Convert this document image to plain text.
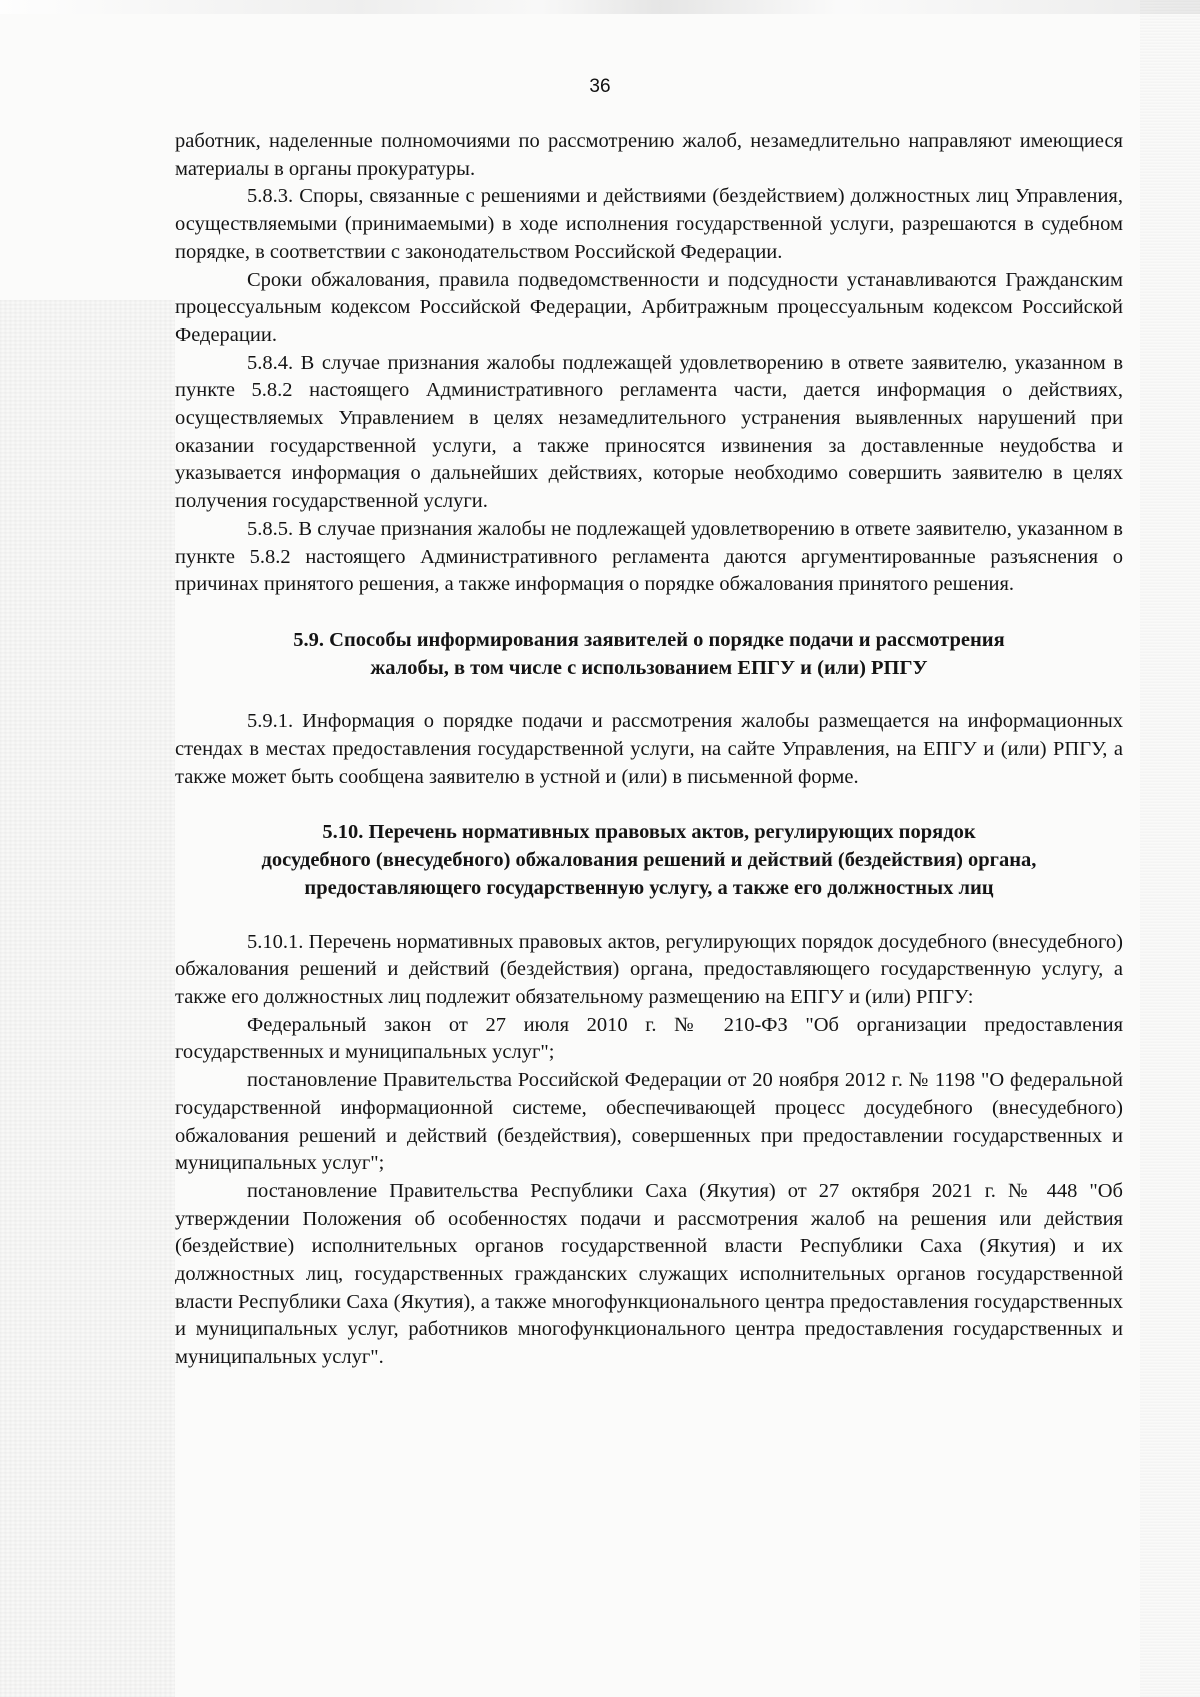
36

работник, наделенные полномочиями по рассмотрению жалоб, незамедлительно направляют имеющиеся материалы в органы прокуратуры.

5.8.3. Споры, связанные с решениями и действиями (бездействием) должностных лиц Управления, осуществляемыми (принимаемыми) в ходе исполнения государственной услуги, разрешаются в судебном порядке, в соответствии с законодательством Российской Федерации.

Сроки обжалования, правила подведомственности и подсудности устанавливаются Гражданским процессуальным кодексом Российской Федерации, Арбитражным процессуальным кодексом Российской Федерации.

5.8.4. В случае признания жалобы подлежащей удовлетворению в ответе заявителю, указанном в пункте 5.8.2 настоящего Административного регламента части, дается информация о действиях, осуществляемых Управлением в целях незамедлительного устранения выявленных нарушений при оказании государственной услуги, а также приносятся извинения за доставленные неудобства и указывается информация о дальнейших действиях, которые необходимо совершить заявителю в целях получения государственной услуги.

5.8.5. В случае признания жалобы не подлежащей удовлетворению в ответе заявителю, указанном в пункте 5.8.2 настоящего Административного регламента даются аргументированные разъяснения о причинах принятого решения, а также информация о порядке обжалования принятого решения.

5.9. Способы информирования заявителей о порядке подачи и рассмотрения
жалобы, в том числе с использованием ЕПГУ и (или) РПГУ

5.9.1. Информация о порядке подачи и рассмотрения жалобы размещается на информационных стендах в местах предоставления государственной услуги, на сайте Управления, на ЕПГУ и (или) РПГУ, а также может быть сообщена заявителю в устной и (или) в письменной форме.

5.10. Перечень нормативных правовых актов, регулирующих порядок
досудебного (внесудебного) обжалования решений и действий (бездействия) органа,
предоставляющего государственную услугу, а также его должностных лиц

5.10.1. Перечень нормативных правовых актов, регулирующих порядок досудебного (внесудебного) обжалования решений и действий (бездействия) органа, предоставляющего государственную услугу, а также его должностных лиц подлежит обязательному размещению на ЕПГУ и (или) РПГУ:

Федеральный закон от 27 июля 2010 г. № 210-ФЗ "Об организации предоставления государственных и муниципальных услуг";

постановление Правительства Российской Федерации от 20 ноября 2012 г. № 1198 "О федеральной государственной информационной системе, обеспечивающей процесс досудебного (внесудебного) обжалования решений и действий (бездействия), совершенных при предоставлении государственных и муниципальных услуг";

постановление Правительства Республики Саха (Якутия) от 27 октября 2021 г. № 448 "Об утверждении Положения об особенностях подачи и рассмотрения жалоб на решения или действия (бездействие) исполнительных органов государственной власти Республики Саха (Якутия) и их должностных лиц, государственных гражданских служащих исполнительных органов государственной власти Республики Саха (Якутия), а также многофункционального центра предоставления государственных и муниципальных услуг, работников многофункционального центра предоставления государственных и муниципальных услуг".
